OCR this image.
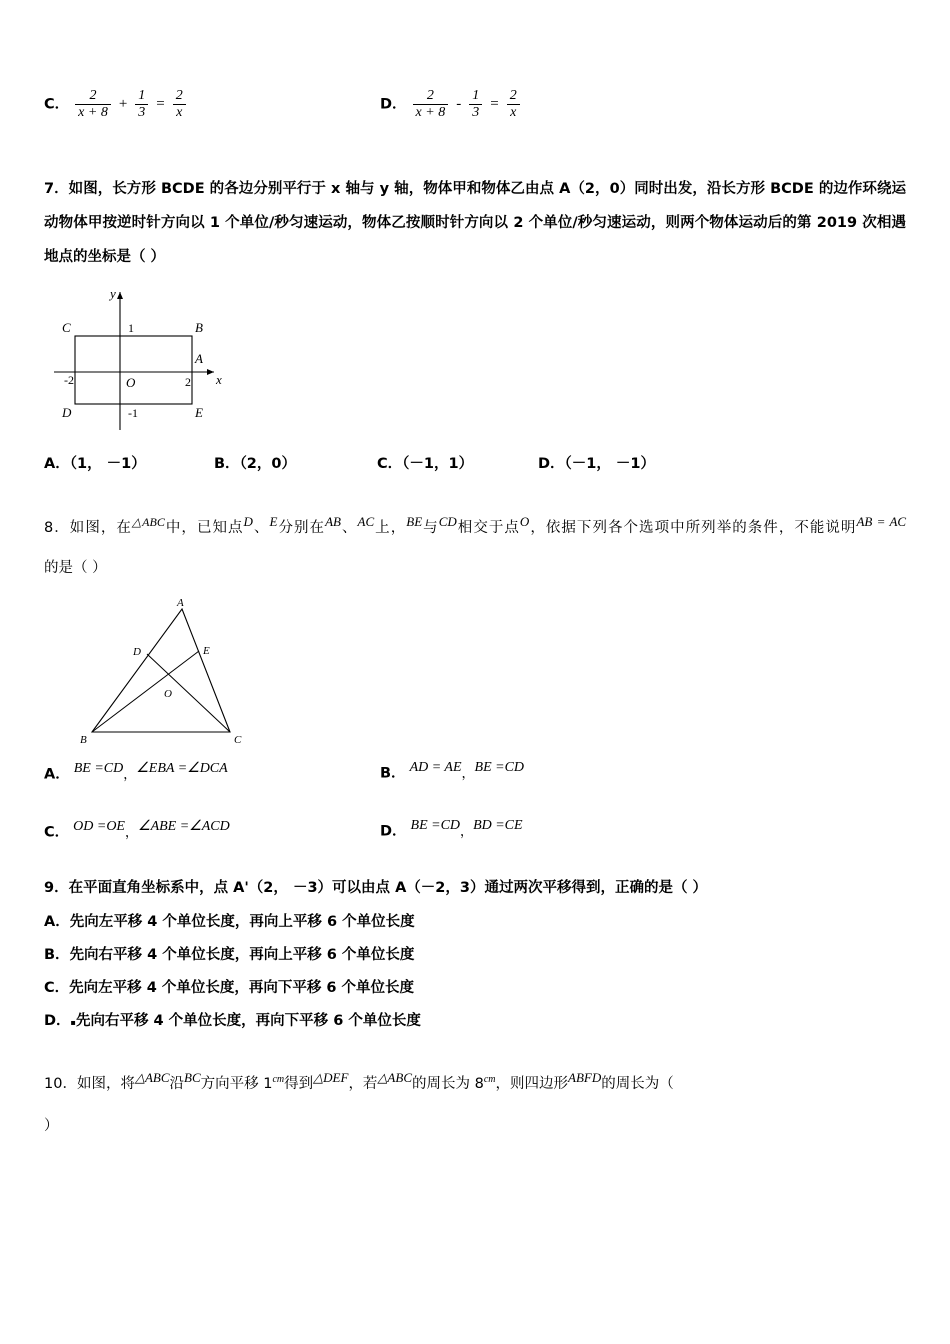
C． $\frac{2}{x + 8} + \frac{1}{3} = \frac{2}{x}$	D． $\frac{2}{x + 8} - \frac{1}{3} = \frac{2}{x}$
7．如图，长方形 BCDE 的各边分别平行于 x 轴与 y 轴，物体甲和物体乙由点 A（2，0）同时出发，沿长方形 BCDE 的边作环绕运动物体甲按逆时针方向以 1 个单位/秒匀速运动，物体乙按顺时针方向以 2 个单位/秒匀速运动，则两个物体运动后的第 2019 次相遇地点的坐标是（ ）
C	B
D	E
A
O
y
x
1
-1
-2	2
A．（1， －1）	B．（2，0）	C．（－1，1）	D．（－1， －1）
8．如图，在$^{\triangle ABC}$中，已知点D、E分别在AB、AC上，BE与CD相交于点O，依据下列各个选项中所列举的条件，不能说明AB = AC的是（ ）
A
B	C
D	E
O
A． BE =CD，∠EBA =∠DCA	B． AD = AE，BE =CD
C． OD =OE，∠ABE =∠ACD	D． BE =CD，BD =CE
9．在平面直角坐标系中，点 A'（2， －3）可以由点 A（－2，3）通过两次平移得到，正确的是（ ）
A．先向左平移 4 个单位长度，再向上平移 6 个单位长度
B．先向右平移 4 个单位长度，再向上平移 6 个单位长度
C．先向左平移 4 个单位长度，再向下平移 6 个单位长度
D．▪先向右平移 4 个单位长度，再向下平移 6 个单位长度
10．如图，将△ABC沿BC方向平移 $1^{cm}$得到△DEF，若△ABC的周长为 $8^{cm}$，则四边形ABFD的周长为（
）
